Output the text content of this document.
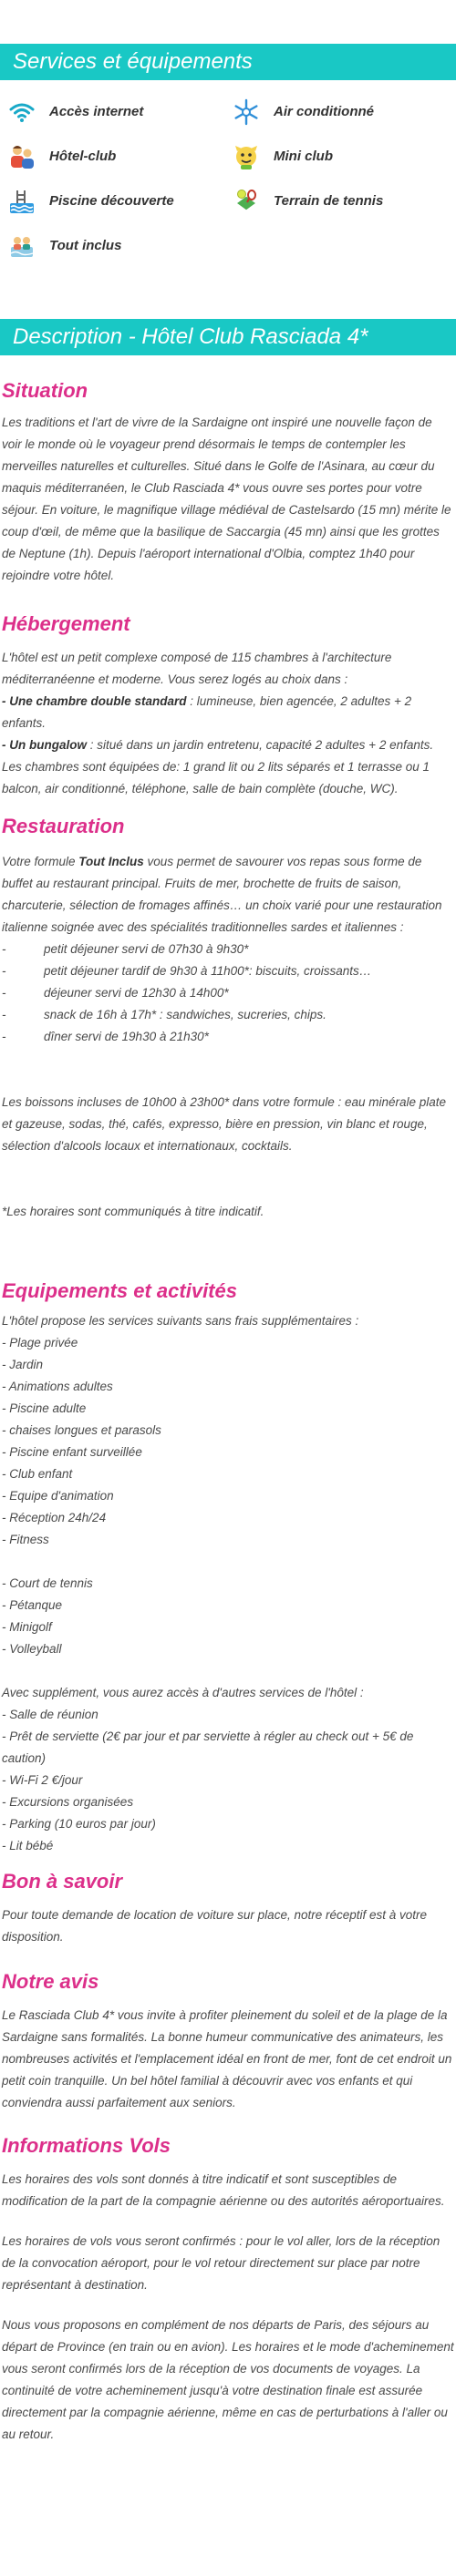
Services et équipements
Accès internet	Air conditionné
Hôtel-club	Mini club
Piscine découverte	Terrain de tennis
Tout inclus
Description - Hôtel Club Rasciada 4*
Situation
Les traditions et l'art de vivre de la Sardaigne ont inspiré une nouvelle façon de voir le monde où le voyageur prend désormais le temps de contempler les merveilles naturelles et culturelles. Situé dans le Golfe de l'Asinara, au cœur du maquis méditerranéen, le Club Rasciada 4* vous ouvre ses portes pour votre séjour. En voiture, le magnifique village médiéval de Castelsardo (15 mn) mérite le coup d'œil, de même que la basilique de Saccargia (45 mn) ainsi que les grottes de Neptune (1h). Depuis l'aéroport international d'Olbia, comptez 1h40 pour rejoindre votre hôtel.
Hébergement
L'hôtel est un petit complexe composé de 115 chambres à l'architecture méditerranéenne et moderne. Vous serez logés au choix dans :
- Une chambre double standard : lumineuse, bien agencée, 2 adultes + 2 enfants.
- Un bungalow : situé dans un jardin entretenu, capacité 2 adultes + 2 enfants. Les chambres sont équipées de: 1 grand lit ou 2 lits séparés et 1 terrasse ou 1 balcon, air conditionné, téléphone, salle de bain complète (douche, WC).
Restauration
Votre formule Tout Inclus vous permet de savourer vos repas sous forme de buffet au restaurant principal. Fruits de mer, brochette de fruits de saison, charcuterie, sélection de fromages affinés… un choix varié pour une restauration italienne soignée avec des spécialités traditionnelles sardes et italiennes :
- petit déjeuner servi de 07h30 à 9h30*
- petit déjeuner tardif de 9h30 à 11h00*: biscuits, croissants…
- déjeuner servi de 12h30 à 14h00*
- snack de 16h à 17h* : sandwiches, sucreries, chips.
- dîner servi de 19h30 à 21h30*
Les boissons incluses de 10h00 à 23h00* dans votre formule : eau minérale plate et gazeuse, sodas, thé, cafés, expresso, bière en pression, vin blanc et rouge, sélection d'alcools locaux et internationaux, cocktails.
*Les horaires sont communiqués à titre indicatif.
Equipements et activités
L'hôtel propose les services suivants sans frais supplémentaires :
- Plage privée
- Jardin
- Animations adultes
- Piscine adulte
- chaises longues et parasols
- Piscine enfant surveillée
- Club enfant
- Equipe d'animation
- Réception 24h/24
- Fitness
- Court de tennis
- Pétanque
- Minigolf
- Volleyball
Avec supplément, vous aurez accès à d'autres services de l'hôtel :
- Salle de réunion
- Prêt de serviette (2€ par jour et par serviette à régler au check out + 5€ de caution)
- Wi-Fi 2 €/jour
- Excursions organisées
- Parking (10 euros par jour)
- Lit bébé
Bon à savoir
Pour toute demande de location de voiture sur place, notre réceptif est à votre disposition.
Notre avis
Le Rasciada Club 4* vous invite à profiter pleinement du soleil et de la plage de la Sardaigne sans formalités. La bonne humeur communicative des animateurs, les nombreuses activités et l'emplacement idéal en front de mer, font de cet endroit un petit coin tranquille. Un bel hôtel familial à découvrir avec vos enfants et qui conviendra aussi parfaitement aux seniors.
Informations Vols
Les horaires des vols sont donnés à titre indicatif et sont susceptibles de modification de la part de la compagnie aérienne ou des autorités aéroportuaires.
Les horaires de vols vous seront confirmés : pour le vol aller, lors de la réception de la convocation aéroport, pour le vol retour directement sur place par notre représentant à destination.
Nous vous proposons en complément de nos départs de Paris, des séjours au départ de Province (en train ou en avion). Les horaires et le mode d'acheminement vous seront confirmés lors de la réception de vos documents de voyages. La continuité de votre acheminement jusqu'à votre destination finale est assurée directement par la compagnie aérienne, même en cas de perturbations à l'aller ou au retour.
